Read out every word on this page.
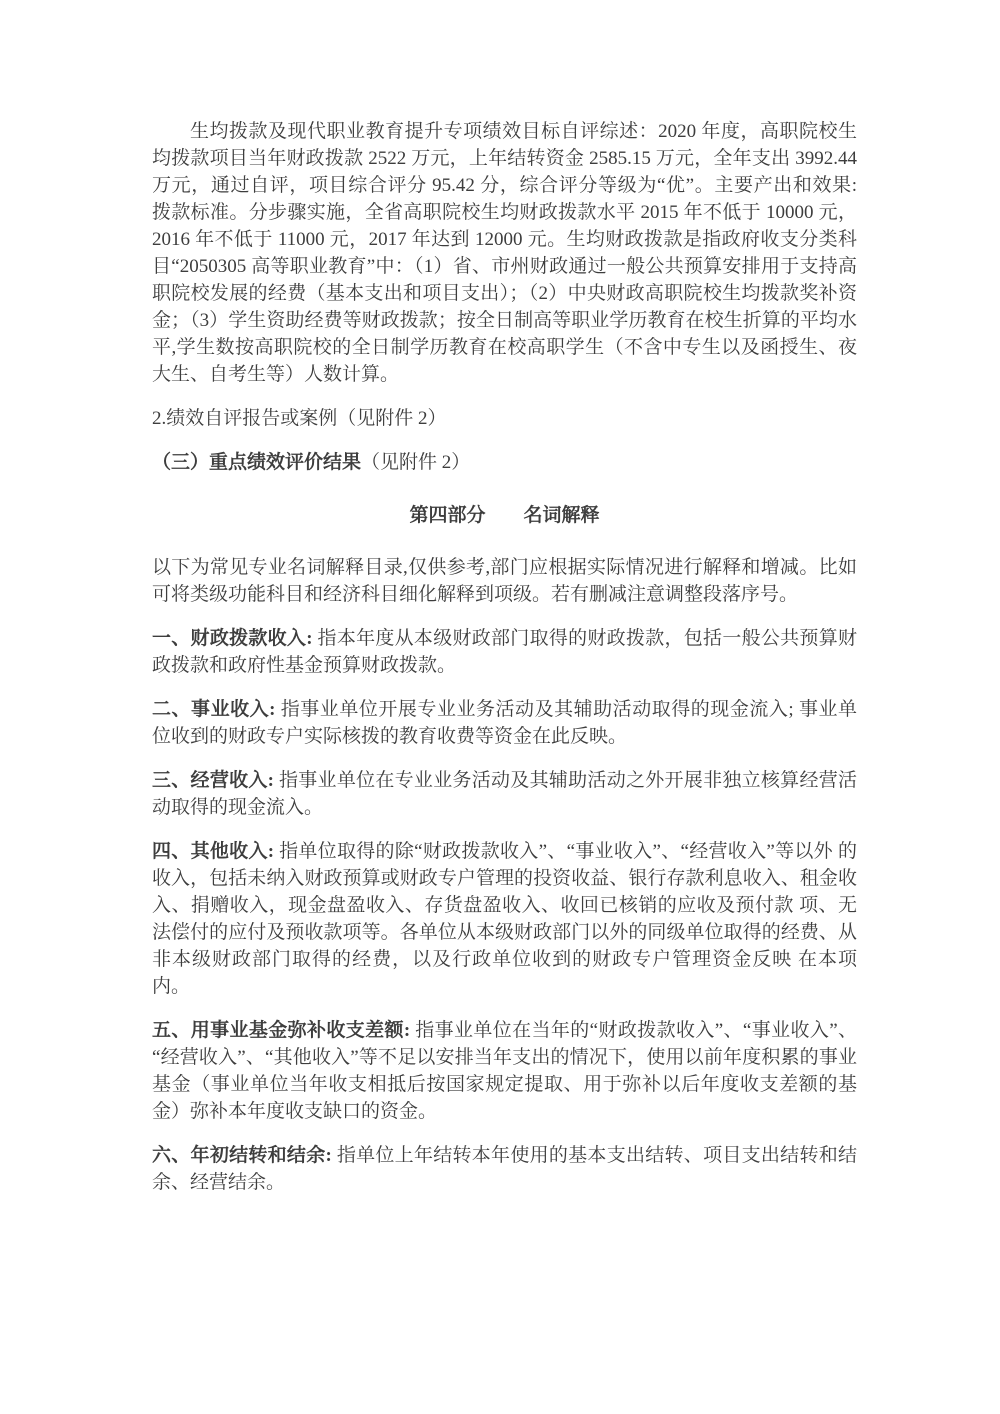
生均拨款及现代职业教育提升专项绩效目标自评综述：2020 年度，高职院校生均拨款项目当年财政拨款 2522 万元，上年结转资金 2585.15 万元，全年支出 3992.44 万元，通过自评，项目综合评分 95.42 分，综合评分等级为“优”。主要产出和效果: 拨款标准。分步骤实施，全省高职院校生均财政拨款水平 2015 年不低于 10000 元，2016 年不低于 11000 元，2017 年达到 12000 元。生均财政拨款是指政府收支分类科目“2050305 高等职业教育”中：（1）省、市州财政通过一般公共预算安排用于支持高职院校发展的经费（基本支出和项目支出）；（2）中央财政高职院校生均拨款奖补资金；（3）学生资助经费等财政拨款；按全日制高等职业学历教育在校生折算的平均水平,学生数按高职院校的全日制学历教育在校高职学生（不含中专生以及函授生、夜大生、自考生等）人数计算。

2.绩效自评报告或案例（见附件 2）

（三）重点绩效评价结果（见附件 2）

第四部分　　名词解释

以下为常见专业名词解释目录,仅供参考,部门应根据实际情况进行解释和增减。比如可将类级功能科目和经济科目细化解释到项级。若有删减注意调整段落序号。

一、财政拨款收入: 指本年度从本级财政部门取得的财政拨款，包括一般公共预算财政拨款和政府性基金预算财政拨款。

二、事业收入: 指事业单位开展专业业务活动及其辅助活动取得的现金流入; 事业单位收到的财政专户实际核拨的教育收费等资金在此反映。

三、经营收入: 指事业单位在专业业务活动及其辅助活动之外开展非独立核算经营活动取得的现金流入。

四、其他收入: 指单位取得的除“财政拨款收入”、“事业收入”、“经营收入”等以外 的收入，包括未纳入财政预算或财政专户管理的投资收益、银行存款利息收入、租金收入、捐赠收入，现金盘盈收入、存货盘盈收入、收回已核销的应收及预付款 项、无法偿付的应付及预收款项等。各单位从本级财政部门以外的同级单位取得的经费、从非本级财政部门取得的经费，以及行政单位收到的财政专户管理资金反映 在本项内。

五、用事业基金弥补收支差额: 指事业单位在当年的“财政拨款收入”、“事业收入”、“经营收入”、“其他收入”等不足以安排当年支出的情况下，使用以前年度积累的事业基金（事业单位当年收支相抵后按国家规定提取、用于弥补以后年度收支差额的基金）弥补本年度收支缺口的资金。

六、年初结转和结余: 指单位上年结转本年使用的基本支出结转、项目支出结转和结余、经营结余。
